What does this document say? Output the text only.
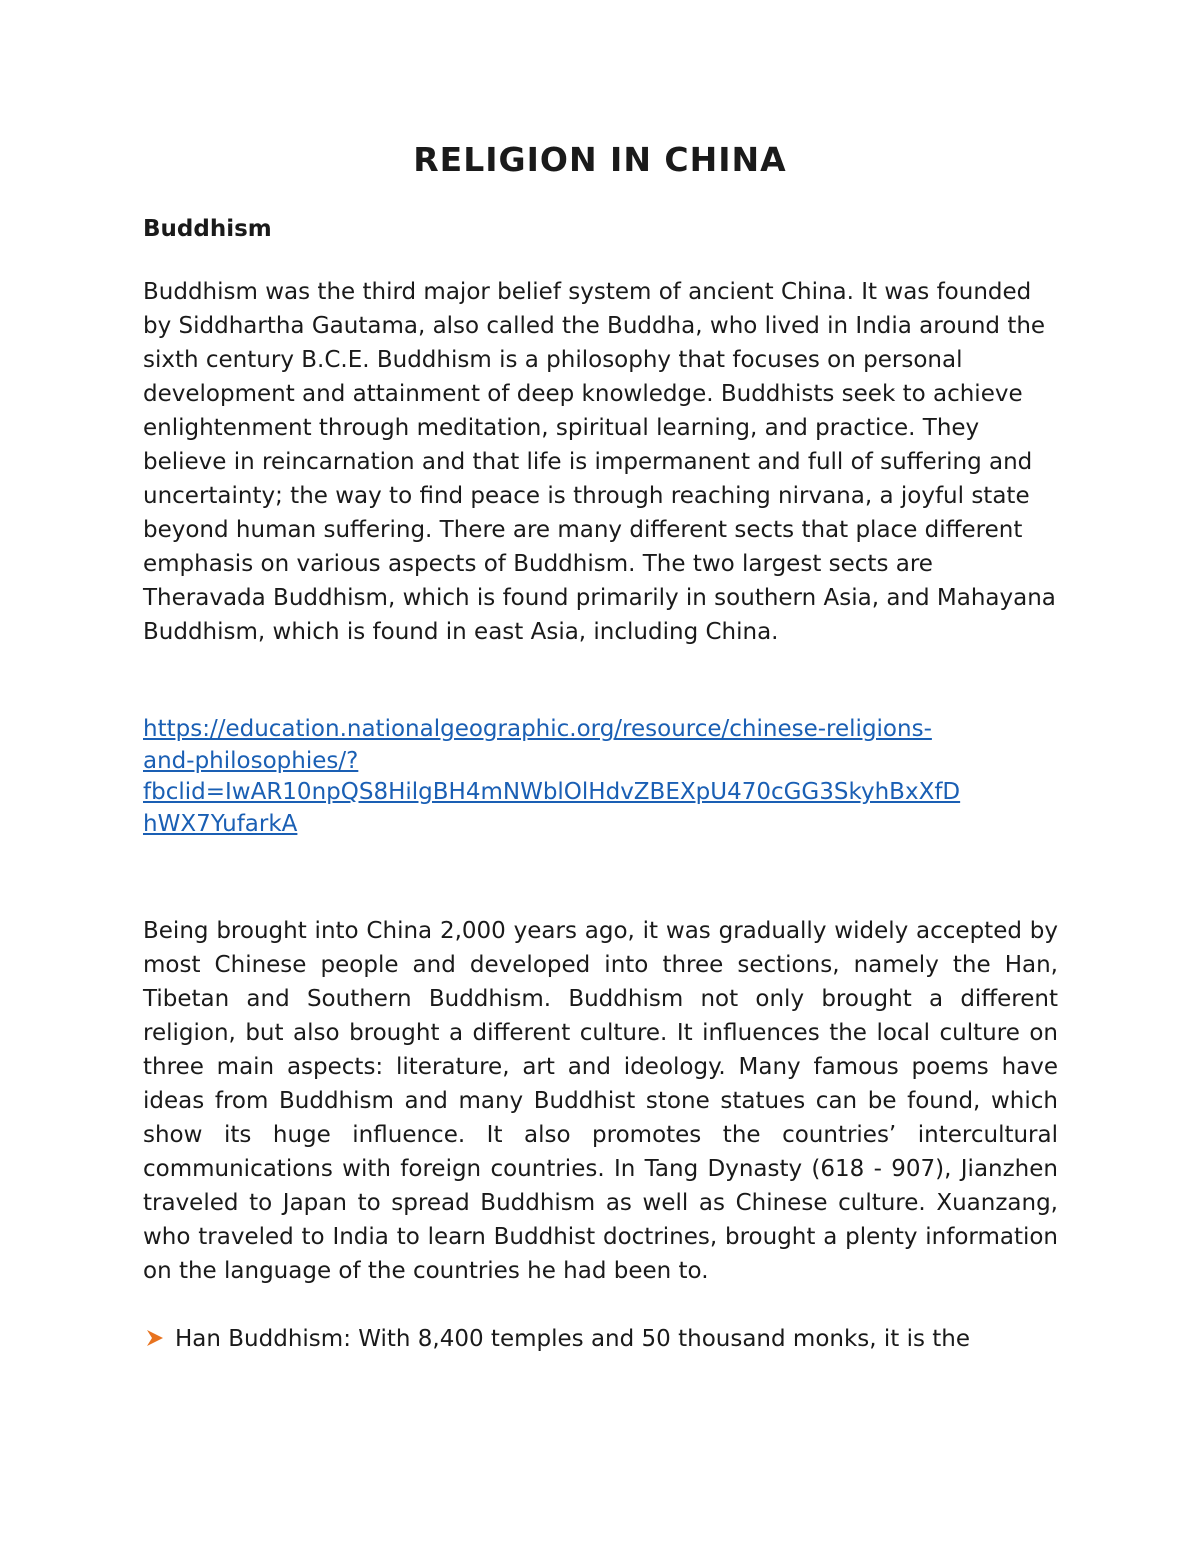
RELIGION IN CHINA
Buddhism

Buddhism was the third major belief system of ancient China. It was founded by Siddhartha Gautama, also called the Buddha, who lived in India around the sixth century B.C.E. Buddhism is a philosophy that focuses on personal development and attainment of deep knowledge. Buddhists seek to achieve enlightenment through meditation, spiritual learning, and practice. They believe in reincarnation and that life is impermanent and full of suffering and uncertainty; the way to find peace is through reaching nirvana, a joyful state beyond human suffering. There are many different sects that place different emphasis on various aspects of Buddhism. The two largest sects are Theravada Buddhism, which is found primarily in southern Asia, and Mahayana Buddhism, which is found in east Asia, including China.

https://education.nationalgeographic.org/resource/chinese-religions-
and-philosophies/?
fbclid=IwAR10npQS8HilgBH4mNWblOlHdvZBEXpU470cGG3SkyhBxXfD
hWX7YufarkA

Being brought into China 2,000 years ago, it was gradually widely accepted by most Chinese people and developed into three sections, namely the Han, Tibetan and Southern Buddhism. Buddhism not only brought a different religion, but also brought a different culture. It influences the local culture on three main aspects: literature, art and ideology. Many famous poems have ideas from Buddhism and many Buddhist stone statues can be found, which show its huge influence. It also promotes the countries’ intercultural communications with foreign countries. In Tang Dynasty (618 - 907), Jianzhen traveled to Japan to spread Buddhism as well as Chinese culture. Xuanzang, who traveled to India to learn Buddhist doctrines, brought a plenty information on the language of the countries he had been to.

Han Buddhism: With 8,400 temples and 50 thousand monks, it is the
